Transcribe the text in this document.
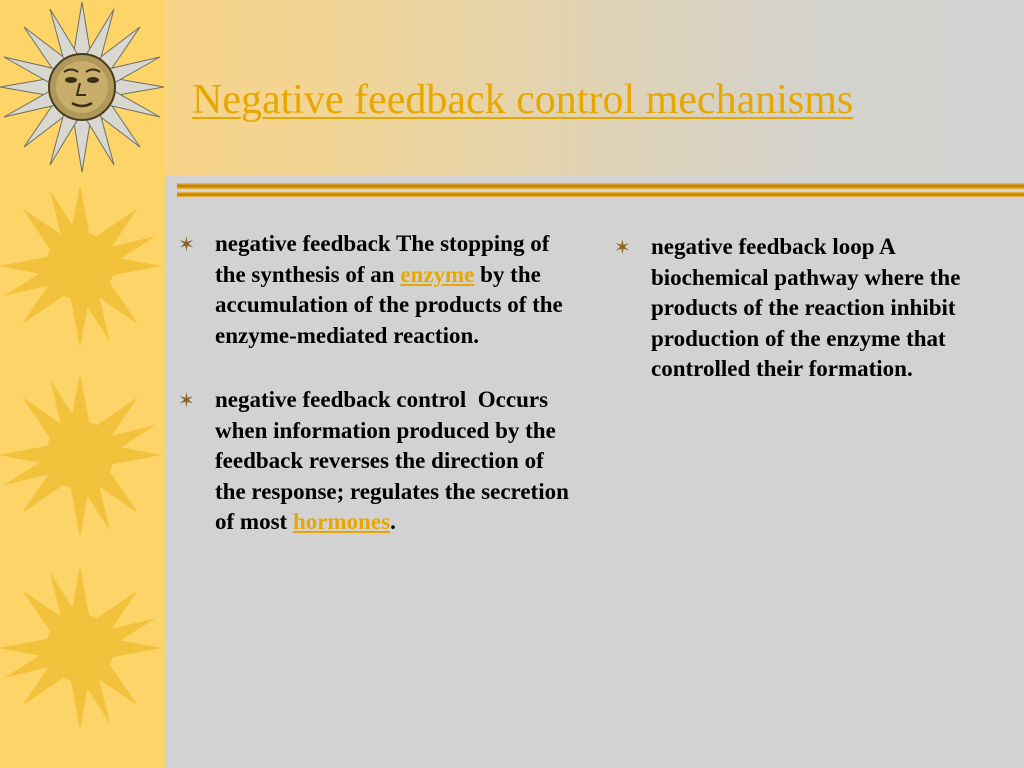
Negative feedback control mechanisms
✶ negative feedback The stopping of the synthesis of an enzyme by the accumulation of the products of the enzyme-mediated reaction.
✶ negative feedback control  Occurs when information produced by the feedback reverses the direction of the response; regulates the secretion of most hormones.
✶ negative feedback loop A biochemical pathway where the products of the reaction inhibit production of the enzyme that controlled their formation.
